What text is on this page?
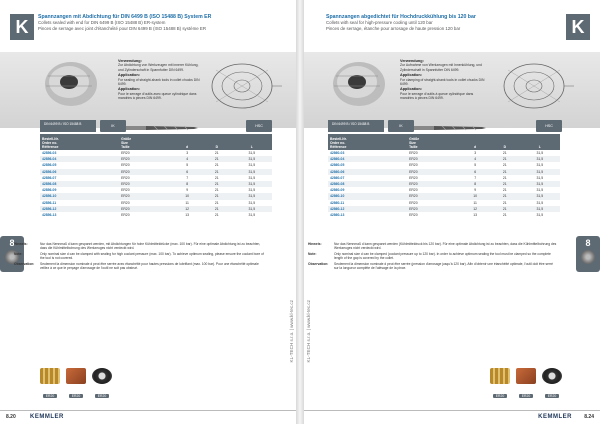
K	Spannzangen mit Abdichtung für DIN 6499 B (ISO 15488 B) System ER
Collets sealed with end for DIN 6499 B (ISO 15488 B) ER-system
Pinces de serrage avec joint d'étanchéité pour DIN 6499 B (ISO 15488 B) système ER
Verwendung:
Zur Abdichtung von Werkzeugen mit innerer Kühlung, und Zylinderschaft in Spannfutter DIN 6499.
Application:
For sealing of straight-shank tools in collet chucks DIN 6499.
Application:
Pour le serrage d'outils avec queue cylindrique dans mandrins à pinces DIN 6499.
DIN 6499 B / ISO 15488 B	IK	HSC
Bestell-Nr.
Order no.
Référence	Größe
Size
Taille	d	D	L
42856-03	ER20	3	21	31,5
42856-04	ER20	4	21	31,5
42856-05	ER20	5	21	31,5
42856-06	ER20	6	21	31,5
42856-07	ER20	7	21	31,5
42856-08	ER20	8	21	31,5
42856-09	ER20	9	21	31,5
42856-10	ER20	10	21	31,5
42856-11	ER20	11	21	31,5
42856-12	ER20	12	21	31,5
42856-13	ER20	13	21	31,5
8 Hinweis:	Nur das Nennmaß d kann gespannt werden, mit Abdichtungen für hohe Kühlmitteldrücke (max. 100 bar). Für eine optimale Abdichtung ist zu beachten, dass die Kühlmittelbohrung des Werkzeuges nicht verdeckt wird.
Note:	Only nominal size d can be clamped with sealing for high coolant pressure (max. 100 bar). To achieve optimum sealing, please ensure the coolant bore of the tool is not covered.
Observation:	Seulement la dimension nominale d peut être serrée avec étanchéité pour hautes pressions de lubrifiant (max. 100 bar). Pour une étanchéité optimale veillez à ce que le perçage d'arrosage de l'outil ne soit pas obstrué.
KL-TECH s.r.o. | www.kl-tec.cz
ER20	ER20	ER20
8.20 KEMMLER
K
Spannzangen abgedichtet für Hochdruckkühlung bis 120 bar
Collets with seal for high-pressure cooling until 120 bar
Pinces de serrage, étanche pour arrosage de haute pression 120 bar
Verwendung:
Zur Aufnahme von Werkzeugen mit Innenkühlung, und Zylinderschaft in Spannfutter DIN 6499.
Application:
For clamping of straight-shank tools in collet chucks DIN 6499.
Application:
Pour le serrage d'outils à queue cylindrique dans mandrins à pinces DIN 6499.
DIN 6499 B / ISO 15488 B	IK	HSC
Bestell-Nr.
Order no.
Référence	Größe
Size
Taille	d	D	L
42860-03	ER20	3	21	31,5
42860-04	ER20	4	21	31,5
42860-05	ER20	5	21	31,5
42860-06	ER20	6	21	31,5
42860-07	ER20	7	21	31,5
42860-08	ER20	8	21	31,5
42860-09	ER20	9	21	31,5
42860-10	ER20	10	21	31,5
42860-11	ER20	11	21	31,5
42860-12	ER20	12	21	31,5
42860-13	ER20	13	21	31,5
8
Hinweis:	Nur das Nennmaß d kann gespannt werden (Kühlmitteldruck bis 120 bar). Für eine optimale Abdichtung ist zu beachten, dass die Kühlmittelbohrung des Werkzeuges nicht verdeckt wird.
Note:	Only nominal size d can be clamped (coolant pressure up to 120 bar). In order to achieve optimum sealing the tool must be clamped so the complete length of the gap is covered by the collet.
Observation:	Seulement la dimension nominale d peut être serrée (pression d'arrosage jusqu'à 120 bar). Afin d'obtenir une étanchéité optimale, l'outil doit être serré sur la longueur complète de l'alésage de la pince.
KL-TECH s.r.o. | www.kl-tec.cz
ER20	ER20	ER20
KEMMLER 8.24
